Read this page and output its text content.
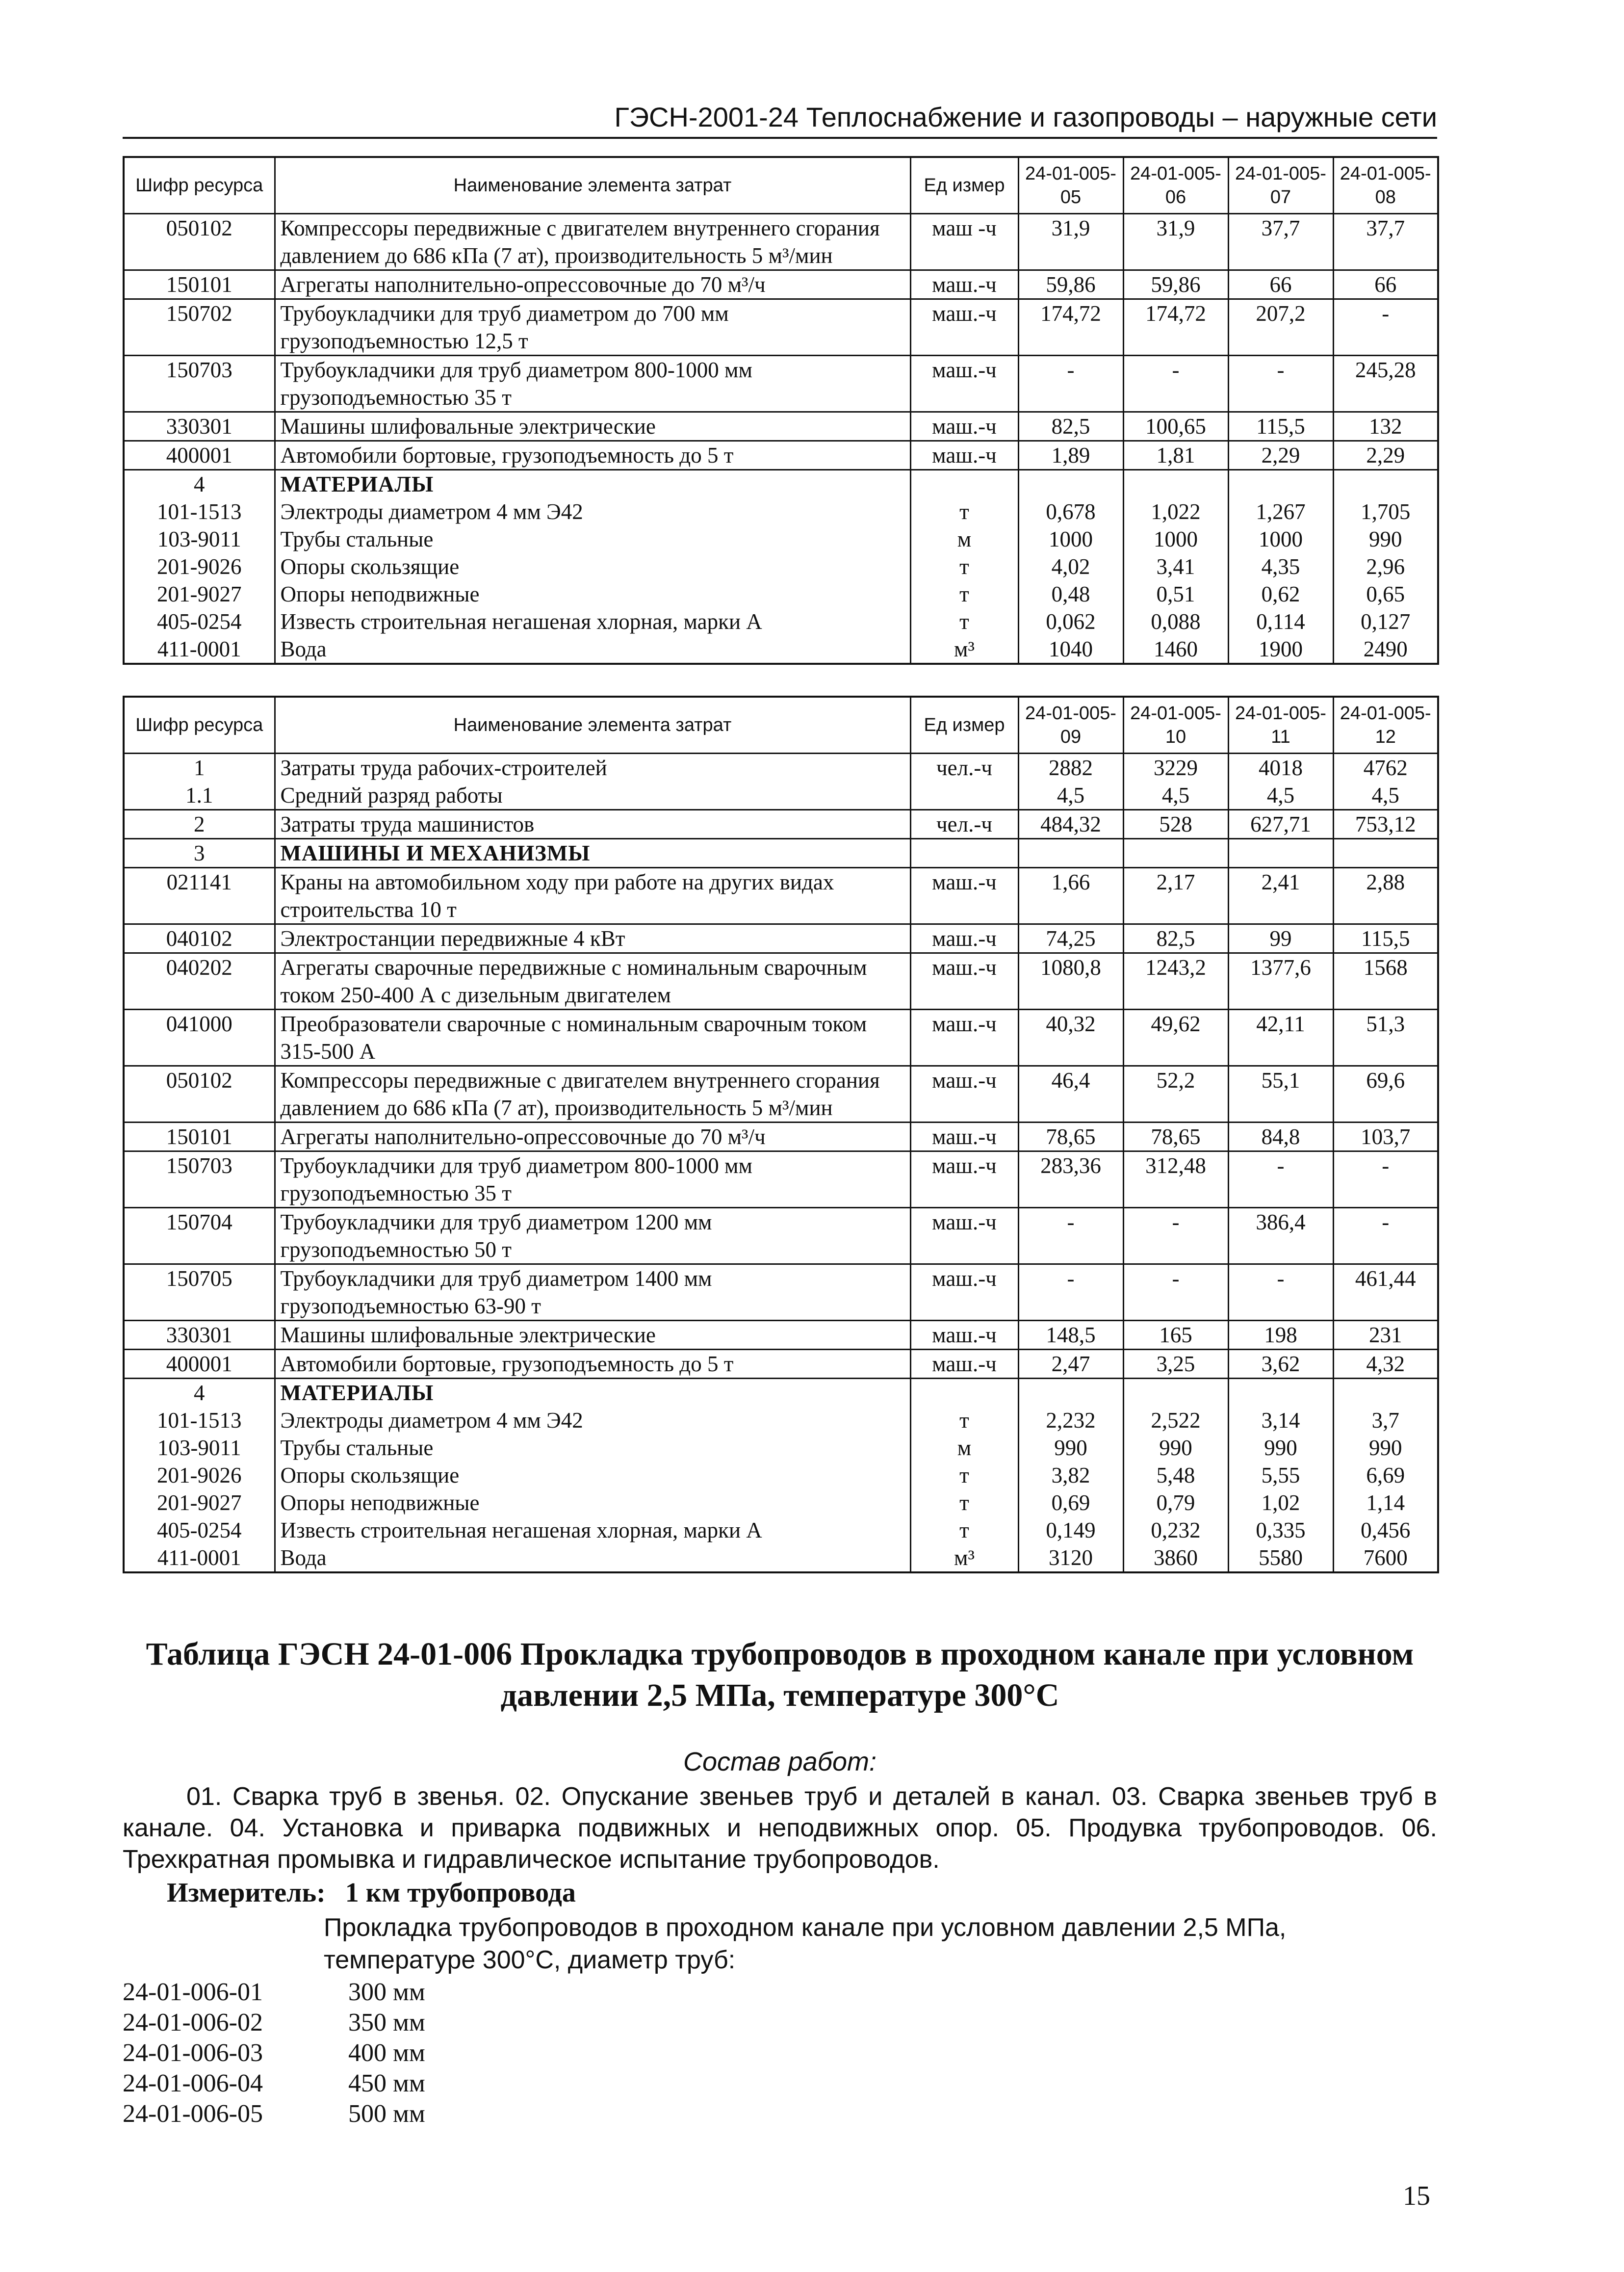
ГЭСН-2001-24 Теплоснабжение и газопроводы – наружные сети
Шифр ресурса	Наименование элемента затрат	Ед измер	24-01-005-05	24-01-005-06	24-01-005-07	24-01-005-08
050102	Компрессоры передвижные с двигателем внутреннего сгорания давлением до 686 кПа (7 ат), производительность 5 м³/мин	маш -ч	31,9	31,9	37,7	37,7
150101	Агрегаты наполнительно-опрессовочные до 70 м³/ч	маш.-ч	59,86	59,86	66	66
150702	Трубоукладчики для труб диаметром до 700 мм грузоподъемностью 12,5 т	маш.-ч	174,72	174,72	207,2	-
150703	Трубоукладчики для труб диаметром 800-1000 мм грузоподъемностью 35 т	маш.-ч	-	-	-	245,28
330301	Машины шлифовальные электрические	маш.-ч	82,5	100,65	115,5	132
400001	Автомобили бортовые, грузоподъемность до 5 т	маш.-ч	1,89	1,81	2,29	2,29
4	МАТЕРИАЛЫ					
101-1513	Электроды диаметром 4 мм Э42	т	0,678	1,022	1,267	1,705
103-9011	Трубы стальные	м	1000	1000	1000	990
201-9026	Опоры скользящие	т	4,02	3,41	4,35	2,96
201-9027	Опоры неподвижные	т	0,48	0,51	0,62	0,65
405-0254	Известь строительная негашеная хлорная, марки А	т	0,062	0,088	0,114	0,127
411-0001	Вода	м³	1040	1460	1900	2490
Шифр ресурса	Наименование элемента затрат	Ед измер	24-01-005-09	24-01-005-10	24-01-005-11	24-01-005-12
1	Затраты труда рабочих-строителей	чел.-ч	2882	3229	4018	4762
1.1	Средний разряд работы		4,5	4,5	4,5	4,5
2	Затраты труда машинистов	чел.-ч	484,32	528	627,71	753,12
3	МАШИНЫ И МЕХАНИЗМЫ					
021141	Краны на автомобильном ходу при работе на других видах строительства 10 т	маш.-ч	1,66	2,17	2,41	2,88
040102	Электростанции передвижные 4 кВт	маш.-ч	74,25	82,5	99	115,5
040202	Агрегаты сварочные передвижные с номинальным сварочным током 250-400 А с дизельным двигателем	маш.-ч	1080,8	1243,2	1377,6	1568
041000	Преобразователи сварочные с номинальным сварочным током 315-500 А	маш.-ч	40,32	49,62	42,11	51,3
050102	Компрессоры передвижные с двигателем внутреннего сгорания давлением до 686 кПа (7 ат), производительность 5 м³/мин	маш.-ч	46,4	52,2	55,1	69,6
150101	Агрегаты наполнительно-опрессовочные до 70 м³/ч	маш.-ч	78,65	78,65	84,8	103,7
150703	Трубоукладчики для труб диаметром 800-1000 мм грузоподъемностью 35 т	маш.-ч	283,36	312,48	-	-
150704	Трубоукладчики для труб диаметром 1200 мм грузоподъемностью 50 т	маш.-ч	-	-	386,4	-
150705	Трубоукладчики для труб диаметром 1400 мм грузоподъемностью 63-90 т	маш.-ч	-	-	-	461,44
330301	Машины шлифовальные электрические	маш.-ч	148,5	165	198	231
400001	Автомобили бортовые, грузоподъемность до 5 т	маш.-ч	2,47	3,25	3,62	4,32
4	МАТЕРИАЛЫ					
101-1513	Электроды диаметром 4 мм Э42	т	2,232	2,522	3,14	3,7
103-9011	Трубы стальные	м	990	990	990	990
201-9026	Опоры скользящие	т	3,82	5,48	5,55	6,69
201-9027	Опоры неподвижные	т	0,69	0,79	1,02	1,14
405-0254	Известь строительная негашеная хлорная, марки А	т	0,149	0,232	0,335	0,456
411-0001	Вода	м³	3120	3860	5580	7600
Таблица ГЭСН 24-01-006 Прокладка трубопроводов в проходном канале при условном давлении 2,5 МПа, температуре 300°С
Состав работ:
01. Сварка труб в звенья. 02. Опускание звеньев труб и деталей в канал. 03. Сварка звеньев труб в канале. 04. Установка и приварка подвижных и неподвижных опор. 05. Продувка трубопроводов. 06. Трехкратная промывка и гидравлическое испытание трубопроводов.
Измеритель: 1 км трубопровода
Прокладка трубопроводов в проходном канале при условном давлении 2,5 МПа, температуре 300°С, диаметр труб:
24-01-006-01	300 мм
24-01-006-02	350 мм
24-01-006-03	400 мм
24-01-006-04	450 мм
24-01-006-05	500 мм
15
